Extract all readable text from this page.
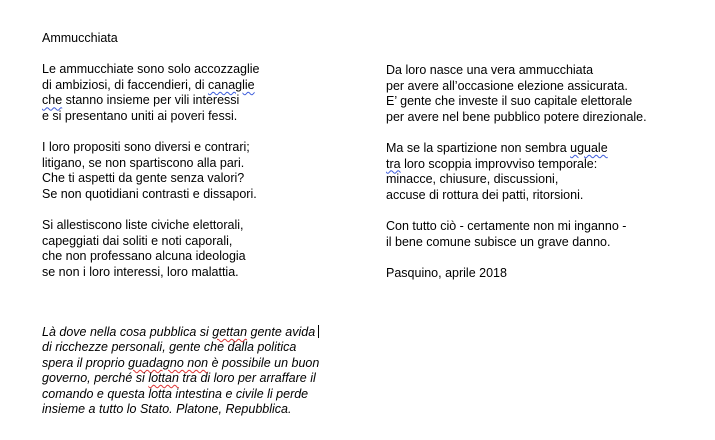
Ammucchiata
Le ammucchiate sono solo accozzaglie
di ambiziosi, di faccendieri, di canaglie
che stanno insieme per vili interessi
e si presentano uniti ai poveri fessi.
I loro propositi sono diversi e contrari;
litigano, se non spartiscono alla pari.
Che ti aspetti da gente senza valori?
Se non quotidiani contrasti e dissapori.
Si allestiscono liste civiche elettorali,
capeggiati dai soliti e noti caporali,
che non professano alcuna ideologia
se non i loro interessi, loro malattia.
Da loro nasce una vera ammucchiata
per avere all’occasione elezione assicurata.
E’ gente che investe il suo capitale elettorale
per avere nel bene pubblico potere direzionale.
Ma se la spartizione non sembra uguale
tra loro scoppia improvviso temporale:
minacce, chiusure, discussioni,
accuse di rottura dei patti, ritorsioni.
Con tutto ciò - certamente non mi inganno -
il bene comune subisce un grave danno.
Pasquino, aprile 2018
Là dove nella cosa pubblica si gettan gente avida
di ricchezze personali, gente che dalla politica
spera il proprio guadagno non è possibile un buon
governo, perché si lottan tra di loro per arraffare il
comando e questa lotta intestina e civile li perde
insieme a tutto lo Stato. Platone, Repubblica.
